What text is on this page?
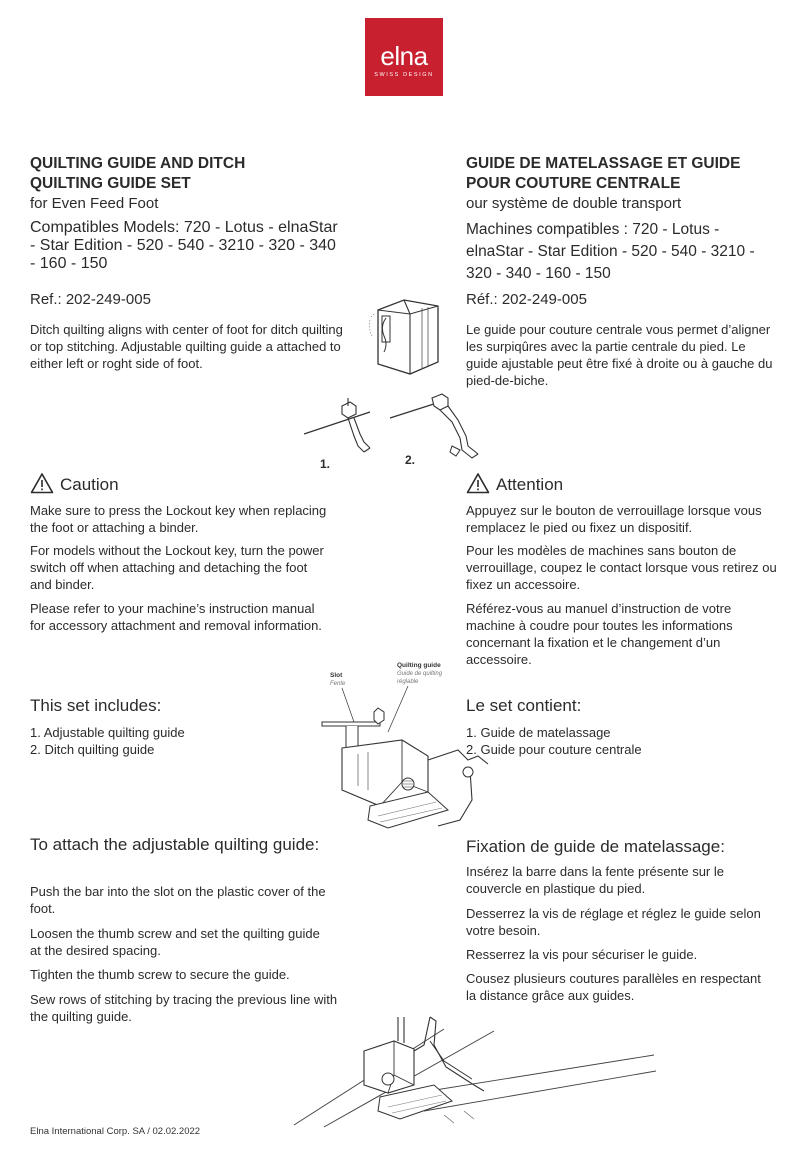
elna
SWISS DESIGN
QUILTING GUIDE AND DITCH
QUILTING GUIDE SET
for Even Feed Foot
Compatibles Models: 720 - Lotus - elnaStar - Star Edition - 520 - 540 - 3210 - 320 - 340 - 160 - 150
Ref.: 202-249-005

Ditch quilting aligns with center of foot for ditch quilting or top stitching. Adjustable quilting guide a attached to either left or roght side of foot.

Caution

Make sure to press the Lockout key when replacing the foot or attaching a binder.

For models without the Lockout key, turn the power switch off when attaching and detaching the foot and binder.

Please refer to your machine’s instruction manual for accessory attachment and removal information.

This set includes:
1. Adjustable quilting guide
2. Ditch quilting guide
To attach the adjustable quilting guide:

Push the bar into the slot on the plastic cover of the foot.

Loosen the thumb screw and set the quilting guide at the desired spacing.

Tighten the thumb screw to secure the guide.

Sew rows of stitching by tracing the previous line with the quilting guide.

GUIDE DE MATELASSAGE ET GUIDE
POUR COUTURE CENTRALE
our système de double transport
Machines compatibles : 720 - Lotus - elnaStar - Star Edition - 520 - 540 - 3210 - 320 - 340 - 160 - 150
Réf.: 202-249-005

Le guide pour couture centrale vous permet d’aligner les surpiqûres avec la partie centrale du pied. Le guide ajustable peut être fixé à droite ou à gauche du pied-de-biche.

Attention

Appuyez sur le bouton de verrouillage lorsque vous remplacez le pied ou fixez un dispositif.

Pour les modèles de machines sans bouton de verrouillage, coupez le contact lorsque vous retirez ou fixez un accessoire.

Référez-vous au manuel d’instruction de votre machine à coudre pour toutes les informations concernant la fixation et le changement d’un accessoire.

Le set contient:
1. Guide de matelassage
2. Guide pour couture centrale
Fixation de guide de matelassage:

Insérez la barre dans la fente présente sur le couvercle en plastique du pied.

Desserrez la vis de réglage et réglez le guide selon votre besoin.

Resserrez la vis pour sécuriser le guide.

Cousez plusieurs coutures parallèles en respectant la distance grâce aux guides.

1.	2.
Slot
Fente
Quilting guide
Guide de quilting
réglable
Elna International Corp. SA / 02.02.2022
